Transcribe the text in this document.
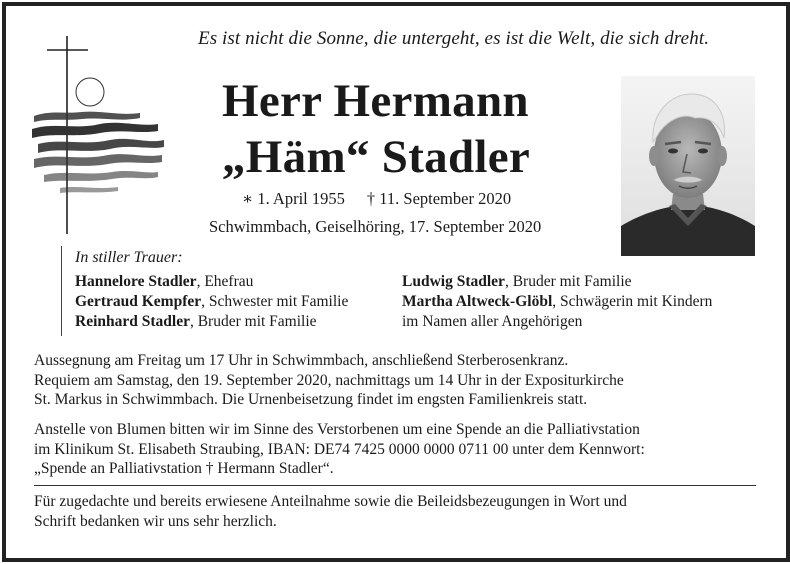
Es ist nicht die Sonne, die untergeht, es ist die Welt, die sich dreht.
Herr Hermann
„Häm“ Stadler
∗ 1. April 1955 † 11. September 2020
Schwimmbach, Geiselhöring, 17. September 2020
In stiller Trauer:
Hannelore Stadler, Ehefrau
Gertraud Kempfer, Schwester mit Familie
Reinhard Stadler, Bruder mit Familie
Ludwig Stadler, Bruder mit Familie
Martha Altweck-Glöbl, Schwägerin mit Kindern
im Namen aller Angehörigen
Aussegnung am Freitag um 17 Uhr in Schwimmbach, anschließend Sterberosenkranz.
Requiem am Samstag, den 19. September 2020, nachmittags um 14 Uhr in der Expositurkirche
St. Markus in Schwimmbach. Die Urnenbeisetzung findet im engsten Familienkreis statt.
Anstelle von Blumen bitten wir im Sinne des Verstorbenen um eine Spende an die Palliativstation
im Klinikum St. Elisabeth Straubing, IBAN: DE74 7425 0000 0000 0711 00 unter dem Kennwort:
„Spende an Palliativstation † Hermann Stadler“.
Für zugedachte und bereits erwiesene Anteilnahme sowie die Beileidsbezeugungen in Wort und
Schrift bedanken wir uns sehr herzlich.
